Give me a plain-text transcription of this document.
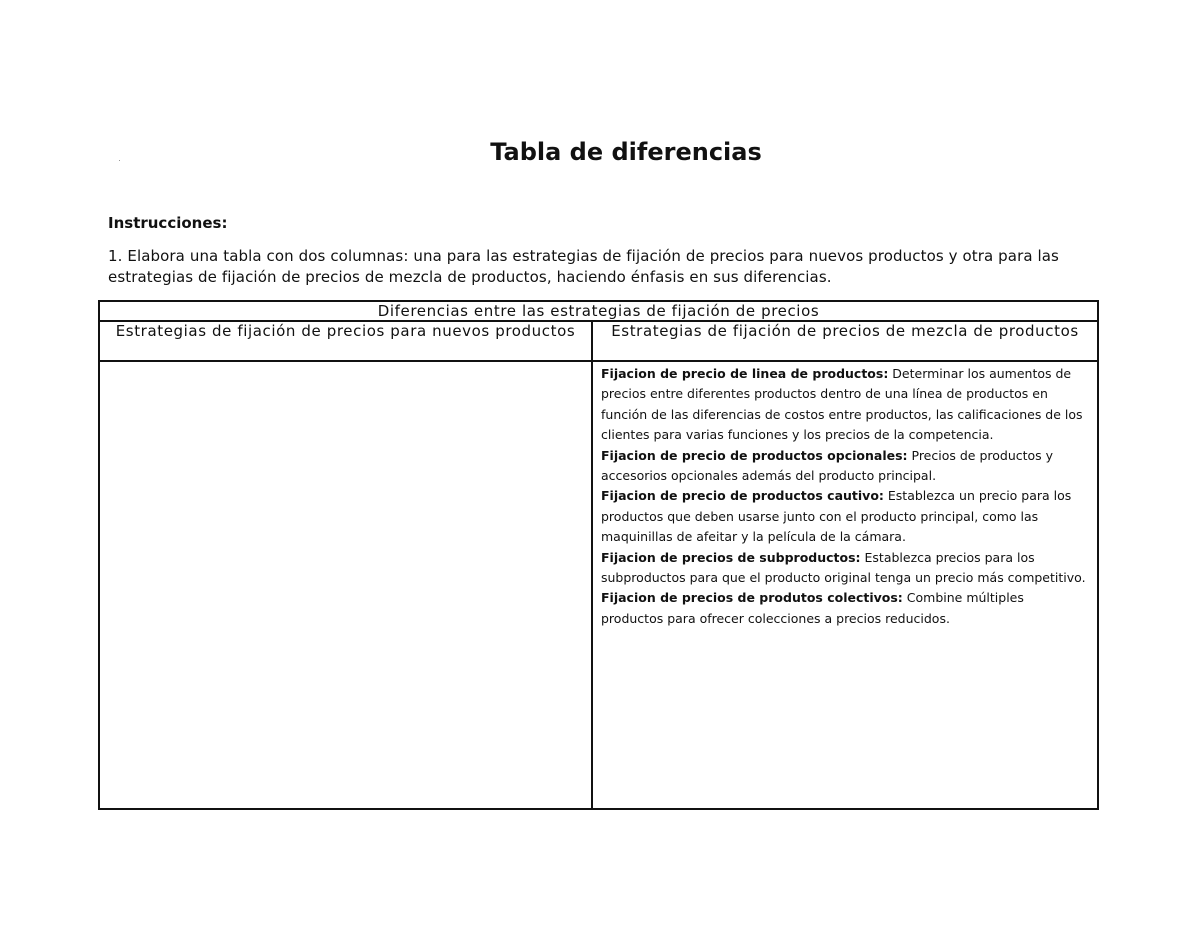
Tabla de diferencias

Instrucciones:

1. Elabora una tabla con dos columnas: una para las estrategias de fijación de precios para nuevos productos y otra para las estrategias de fijación de precios de mezcla de productos, haciendo énfasis en sus diferencias.

Diferencias entre las estrategias de fijación de precios	
Estrategias de fijación de precios para nuevos productos	Estrategias de fijación de precios de mezcla de productos

	Fijacion de precio de linea de productos: Determinar los aumentos de precios entre diferentes productos dentro de una línea de productos en función de las diferencias de costos entre productos, las calificaciones de los clientes para varias funciones y los precios de la competencia.

Fijacion de precio de productos opcionales: Precios de productos y accesorios opcionales además del producto principal.

Fijacion de precio de productos cautivo: Establezca un precio para los productos que deben usarse junto con el producto principal, como las maquinillas de afeitar y la película de la cámara.

Fijacion de precios de subproductos: Establezca precios para los subproductos para que el producto original tenga un precio más competitivo.

Fijacion de precios de produtos colectivos: Combine múltiples productos para ofrecer colecciones a precios reducidos.
